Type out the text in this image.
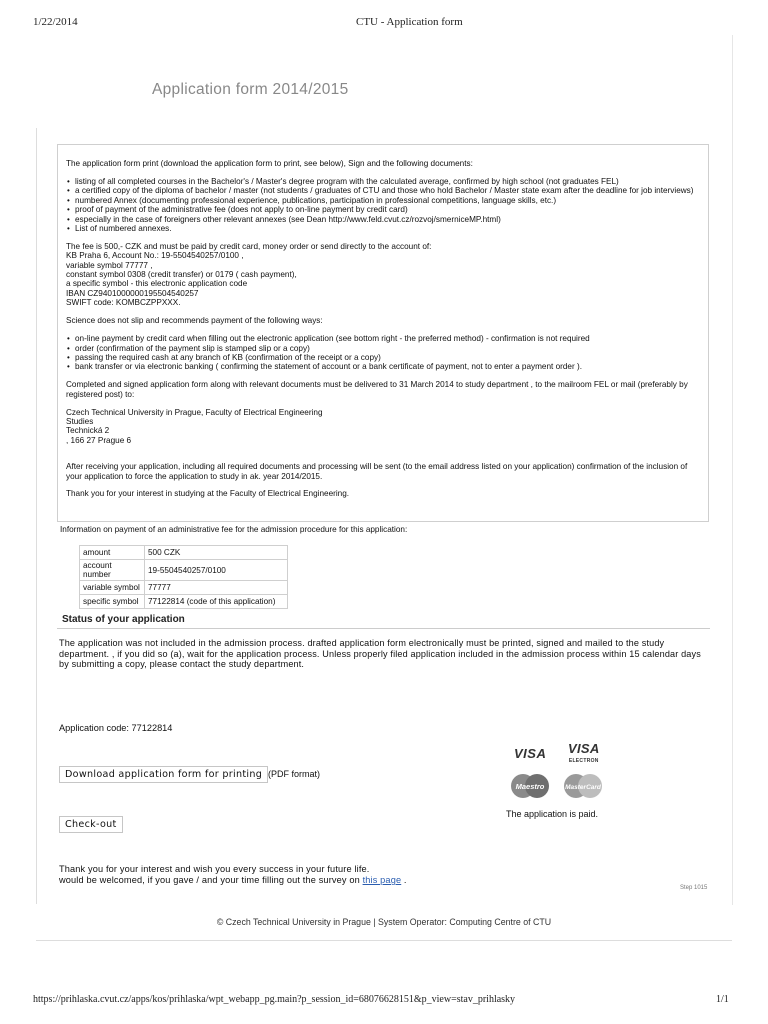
1/22/2014	CTU - Application form
Application form 2014/2015

The application form print (download the application form to print, see below), Sign and the following documents:

• listing of all completed courses in the Bachelor's / Master's degree program with the calculated average, confirmed by high school (not graduates FEL)
• a certified copy of the diploma of bachelor / master (not students / graduates of CTU and those who hold Bachelor / Master state exam after the deadline for job interviews)
• numbered Annex (documenting professional experience, publications, participation in professional competitions, language skills, etc.)
• proof of payment of the administrative fee (does not apply to on-line payment by credit card)
• especially in the case of foreigners other relevant annexes (see Dean http://www.feld.cvut.cz/rozvoj/smerniceMP.html)
• List of numbered annexes.

The fee is 500,- CZK and must be paid by credit card, money order or send directly to the account of:

KB Praha 6, Account No.: 19-5504540257/0100 ,

variable symbol 77777 ,

constant symbol 0308 (credit transfer) or 0179 ( cash payment),

a specific symbol - this electronic application code

IBAN CZ9401000000195504540257

SWIFT code: KOMBCZPPXXX.

Science does not slip and recommends payment of the following ways:

• on-line payment by credit card when filling out the electronic application (see bottom right - the preferred method) - confirmation is not required
• order (confirmation of the payment slip is stamped slip or a copy)
• passing the required cash at any branch of KB (confirmation of the receipt or a copy)
• bank transfer or via electronic banking ( confirming the statement of account or a bank certificate of payment, not to enter a payment order ).

Completed and signed application form along with relevant documents must be delivered to 31 March 2014 to study department , to the mailroom FEL or mail (preferably by registered post) to:

Czech Technical University in Prague, Faculty of Electrical Engineering

Studies

Technická 2

, 166 27 Prague 6

After receiving your application, including all required documents and processing will be sent (to the email address listed on your application) confirmation of the inclusion of your application to force the application to study in ak. year 2014/2015.

Thank you for your interest in studying at the Faculty of Electrical Engineering.

Information on payment of an administrative fee for the admission procedure for this application:
amount	500 CZK
account number	19-5504540257/0100
variable symbol	77777
specific symbol	77122814 (code of this application)
Status of your application
The application was not included in the admission process. drafted application form electronically must be printed, signed and mailed to the study department. , if you did so (a), wait for the application process. Unless properly filed application included in the admission process within 15 calendar days by submitting a copy, please contact the study department.
Application code: 77122814
Download application form for printing (PDF format)
Check-out
VISA VISA
ELECTRON
Maestro	MasterCard
The application is paid.
Thank you for your interest and wish you every success in your future life.
would be welcomed, if you gave / and your time filling out the survey on this page .
Step 1015
© Czech Technical University in Prague | System Operator: Computing Centre of CTU
https://prihlaska.cvut.cz/apps/kos/prihlaska/wpt_webapp_pg.main?p_session_id=68076628151&p_view=stav_prihlasky	1/1
